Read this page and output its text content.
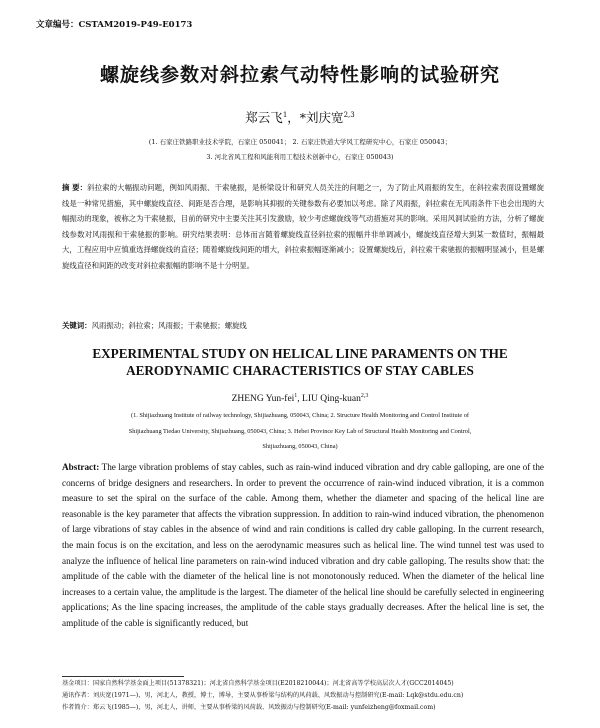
文章编号：CSTAM2019-P49-E0173
螺旋线参数对斜拉索气动特性影响的试验研究
郑云飞$^1$，*刘庆宽$^{2,3}$
(1. 石家庄铁路职业技术学院，石家庄 050041； 2. 石家庄铁道大学风工程研究中心，石家庄 050043；
3. 河北省风工程和风能利用工程技术创新中心，石家庄 050043)
摘 要：斜拉索的大幅振动问题，例如风雨振、干索驰振，是桥梁设计和研究人员关注的问题之一，为了防止风雨振的发生，在斜拉索表面设置螺旋线是一种常见措施，其中螺旋线直径、间距是否合理，是影响其抑振的关键参数有必要加以考虑。除了风雨振，斜拉索在无风雨条件下也会出现的大幅振动的现象，被称之为干索驰振，目前的研究中主要关注其引发激励，较少考虑螺旋线等气动措施对其的影响。采用风洞试验的方法，分析了螺旋线参数对风雨振和干索驰振的影响。研究结果表明：总体而言随着螺旋线直径斜拉索的振幅并非单调减小，螺旋线直径增大到某一数值时，振幅最大，工程应用中应慎重选择螺旋线的直径；随着螺旋线间距的增大，斜拉索振幅逐渐减小；设置螺旋线后，斜拉索干索驰振的振幅明显减小，但是螺旋线直径和间距的改变对斜拉索振幅的影响不是十分明显。
关键词：风雨振动；斜拉索；风雨振；干索驰振；螺旋线
EXPERIMENTAL STUDY ON HELICAL LINE PARAMENTS ON THE
AERODYNAMIC CHARACTERISTICS OF STAY CABLES
ZHENG Yun-fei$^1$, LIU Qing-kuan$^{2,3}$
(1. Shijiazhuang Institute of railway technology, Shijiazhuang, 050043, China; 2. Structure Health Monitoring and Control Institute of
Shijiazhuang Tiedao University, Shijiazhuang, 050043, China; 3. Hebei Province Key Lab of Structural Health Monitoring and Control,
Shijiazhuang, 050043, China)
Abstract: The large vibration problems of stay cables, such as rain-wind induced vibration and dry cable galloping, are one of the concerns of bridge designers and researchers. In order to prevent the occurrence of rain-wind induced vibration, it is a common measure to set the spiral on the surface of the cable. Among them, whether the diameter and spacing of the helical line are reasonable is the key parameter that affects the vibration suppression. In addition to rain-wind induced vibration, the phenomenon of large vibrations of stay cables in the absence of wind and rain conditions is called dry cable galloping. In the current research, the main focus is on the excitation, and less on the aerodynamic measures such as helical line. The wind tunnel test was used to analyze the influence of helical line parameters on rain-wind induced vibration and dry cable galloping. The results show that: the amplitude of the cable with the diameter of the helical line is not monotonously reduced. When the diameter of the helical line increases to a certain value, the amplitude is the largest. The diameter of the helical line should be carefully selected in engineering applications; As the line spacing increases, the amplitude of the cable stays gradually decreases. After the helical line is set, the amplitude of the cable is significantly reduced, but
基金项目：国家自然科学基金面上项目(51378321)；河北省自然科学基金项目(E2018210044)；河北省高等学校高层次人才(GCC2014045)
通讯作者：刘庆宽(1971—)，男，河北人，教授，博士，博导，主要从事桥梁与结构的风荷载、风致振动与控制研究(E-mail: Lqk@stdu.edu.cn)
作者简介：郑云飞(1985—)，男，河北人，讲师，主要从事桥梁的风荷载、风致振动与控制研究(E-mail: yunfeizheng@foxmail.com)
